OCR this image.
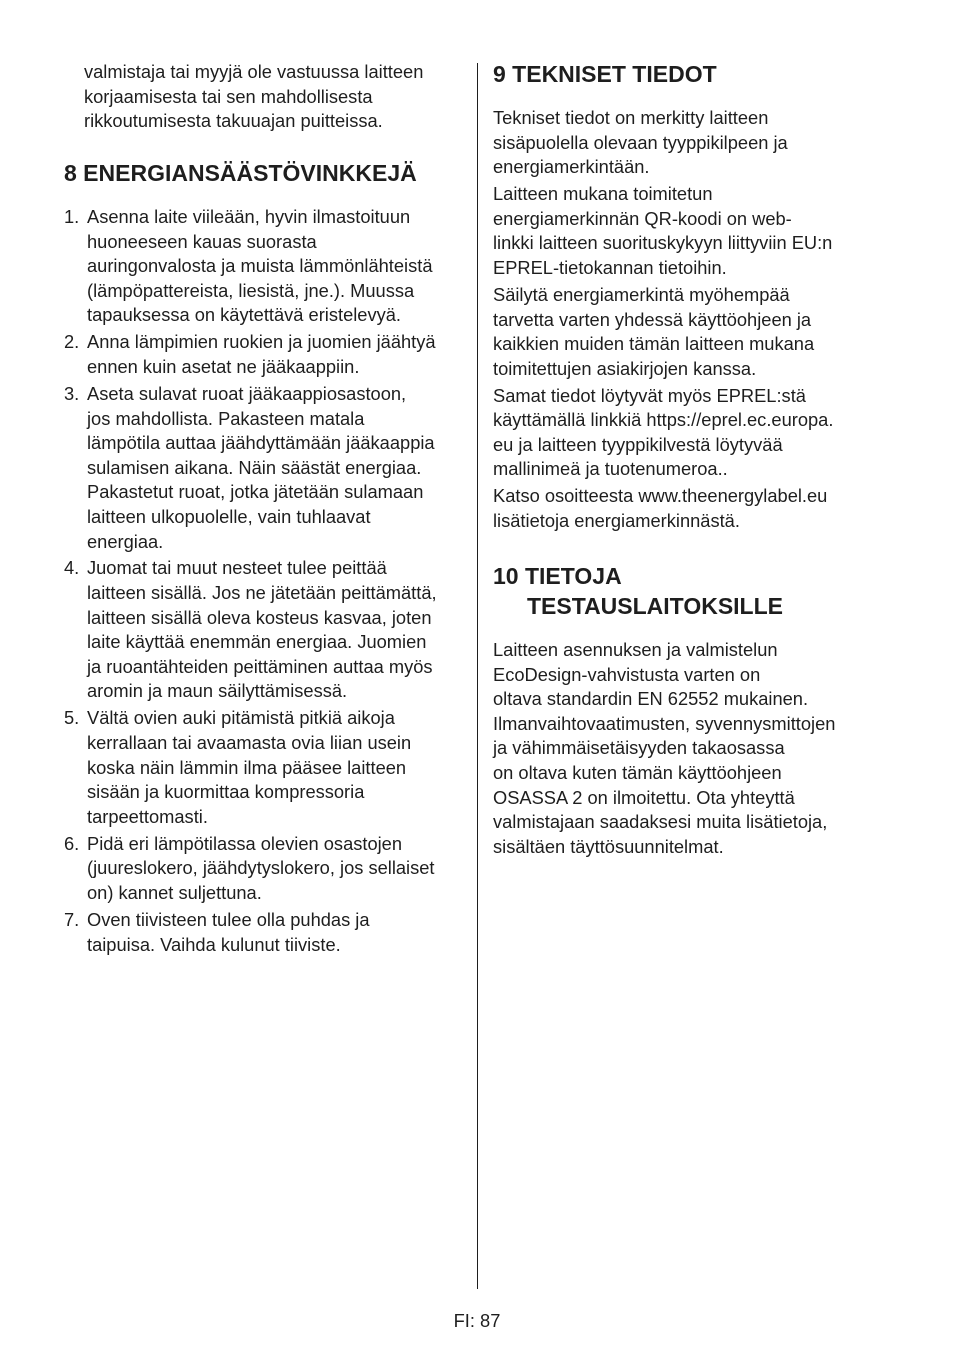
valmistaja tai myyjä ole vastuussa laitteen
korjaamisesta tai sen mahdollisesta
rikkoutumisesta takuuajan puitteissa.
8 ENERGIANSÄÄSTÖVINKKEJÄ
1. Asenna laite viileään, hyvin ilmastoituun
huoneeseen kauas suorasta
auringonvalosta ja muista lämmönlähteistä
(lämpöpattereista, liesistä, jne.). Muussa
tapauksessa on käytettävä eristelevyä.
2. Anna lämpimien ruokien ja juomien jäähtyä
ennen kuin asetat ne jääkaappiin.
3. Aseta sulavat ruoat jääkaappiosastoon,
jos mahdollista. Pakasteen matala
lämpötila auttaa jäähdyttämään jääkaappia
sulamisen aikana. Näin säästät energiaa.
Pakastetut ruoat, jotka jätetään sulamaan
laitteen ulkopuolelle, vain tuhlaavat
energiaa.
4. Juomat tai muut nesteet tulee peittää
laitteen sisällä. Jos ne jätetään peittämättä,
laitteen sisällä oleva kosteus kasvaa, joten
laite käyttää enemmän energiaa. Juomien
ja ruoantähteiden peittäminen auttaa myös
aromin ja maun säilyttämisessä.
5. Vältä ovien auki pitämistä pitkiä aikoja
kerrallaan tai avaamasta ovia liian usein
koska näin lämmin ilma pääsee laitteen
sisään ja kuormittaa kompressoria
tarpeettomasti.
6. Pidä eri lämpötilassa olevien osastojen
(juureslokero, jäähdytyslokero, jos sellaiset
on) kannet suljettuna.
7. Oven tiivisteen tulee olla puhdas ja
taipuisa. Vaihda kulunut tiiviste.
9 TEKNISET TIEDOT
Tekniset tiedot on merkitty laitteen
sisäpuolella olevaan tyyppikilpeen ja
energiamerkintään.
Laitteen mukana toimitetun
energiamerkinnän QR-koodi on web-
linkki laitteen suorituskykyyn liittyviin EU:n
EPREL-tietokannan tietoihin.
Säilytä energiamerkintä myöhempää
tarvetta varten yhdessä käyttöohjeen ja
kaikkien muiden tämän laitteen mukana
toimitettujen asiakirjojen kanssa.
Samat tiedot löytyvät myös EPREL:stä
käyttämällä linkkiä https://eprel.ec.europa.
eu ja laitteen tyyppikilvestä löytyvää
mallinimeä ja tuotenumeroa..
Katso osoitteesta www.theenergylabel.eu
lisätietoja energiamerkinnästä.
10 TIETOJA
TESTAUSLAITOKSILLE
Laitteen asennuksen ja valmistelun
EcoDesign-vahvistusta varten on
oltava standardin EN 62552 mukainen.
Ilmanvaihtovaatimusten, syvennysmittojen
ja vähimmäisetäisyyden takaosassa
on oltava kuten tämän käyttöohjeen
OSASSA 2 on ilmoitettu. Ota yhteyttä
valmistajaan saadaksesi muita lisätietoja,
sisältäen täyttösuunnitelmat.
FI: 87
